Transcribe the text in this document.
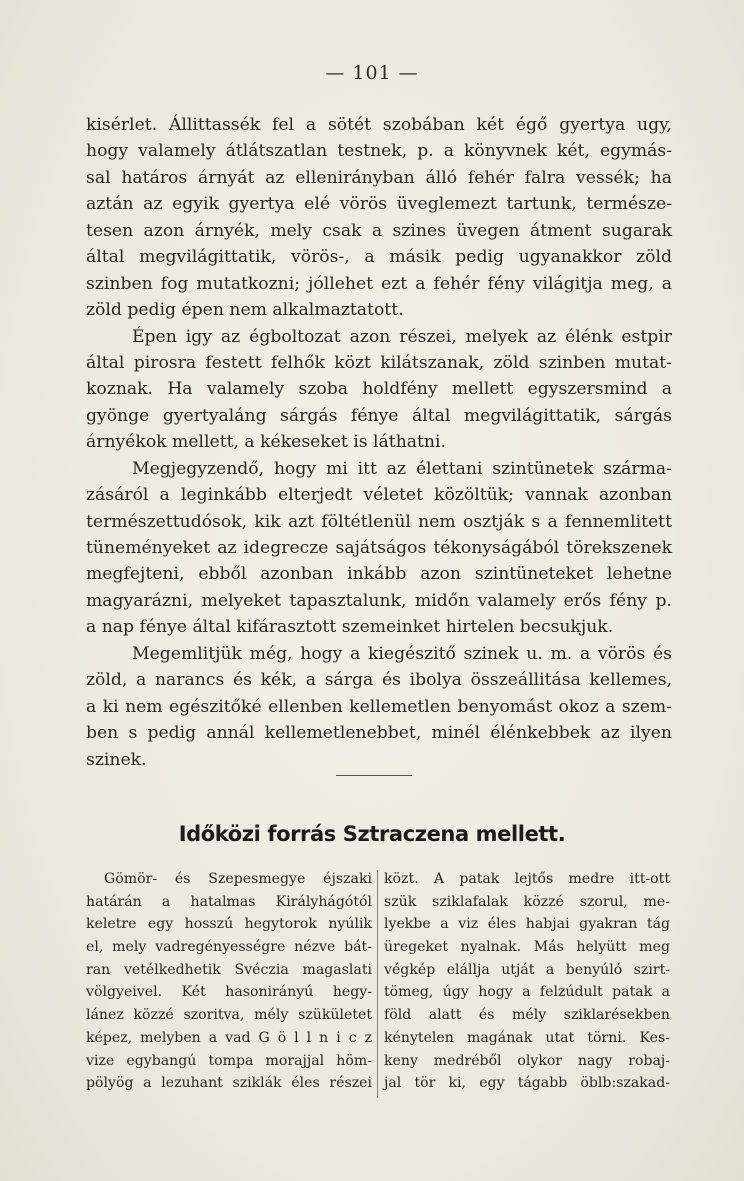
— 101 —
kisérlet. Állittassék fel a sötét szobában két égő gyertya ugy,
hogy valamely átlátszatlan testnek, p. a könyvnek két, egymás-
sal határos árnyát az ellenirányban álló fehér falra vessék; ha
aztán az egyik gyertya elé vörös üveglemezt tartunk, természe-
tesen azon árnyék, mely csak a szines üvegen átment sugarak
által megvilágittatik, vörös-, a másik pedig ugyanakkor zöld
szinben fog mutatkozni; jóllehet ezt a fehér fény világitja meg, a
zöld pedig épen nem alkalmaztatott.
Épen igy az égboltozat azon részei, melyek az élénk estpir
által pirosra festett felhők közt kilátszanak, zöld szinben mutat-
koznak. Ha valamely szoba holdfény mellett egyszersmind a
gyönge gyertyaláng sárgás fénye által megvilágittatik, sárgás
árnyékok mellett, a kékeseket is láthatni.
Megjegyzendő, hogy mi itt az élettani szintünetek szárma-
zásáról a leginkább elterjedt véletet közöltük; vannak azonban
természettudósok, kik azt föltétlenül nem osztják s a fennemlitett
tüneményeket az idegrecze sajátságos tékonyságából törekszenek
megfejteni, ebből azonban inkább azon szintüneteket lehetne
magyarázni, melyeket tapasztalunk, midőn valamely erős fény p.
a nap fénye által kifárasztott szemeinket hirtelen becsukjuk.
Megemlitjük még, hogy a kiegészitő szinek u. m. a vörös és
zöld, a narancs és kék, a sárga és ibolya összeállitása kellemes,
a ki nem egészitőké ellenben kellemetlen benyomást okoz a szem-
ben s pedig annál kellemetlenebbet, minél élénkebbek az ilyen
szinek.
Időközi forrás Sztraczena mellett.
Gömör- és Szepesmegye éjszaki
határán a hatalmas Királyhágótól
keletre egy hosszú hegytorok nyúlik
el, mely vadregényességre nézve bát-
ran vetélkedhetik Svéczia magaslati
völgyeivel. Két hasonirányú hegy-
lánez közzé szoritva, mély szükületet
képez, melyben a vad G ö l l n i c z
vize egybangú tompa morajjal höm-
pölyög a lezuhant sziklák éles részei
közt. A patak lejtős medre itt-ott
szük sziklafalak közzé szorul, me-
lyekbe a viz éles habjai gyakran tág
üregeket nyalnak. Más helyütt meg
végkép elállja utját a benyúló szirt-
tömeg, úgy hogy a felzúdult patak a
föld alatt és mély sziklarésekben
kénytelen magának utat törni. Kes-
keny medréből olykor nagy robaj-
jal tör ki, egy tágabb öblb:szakad-
